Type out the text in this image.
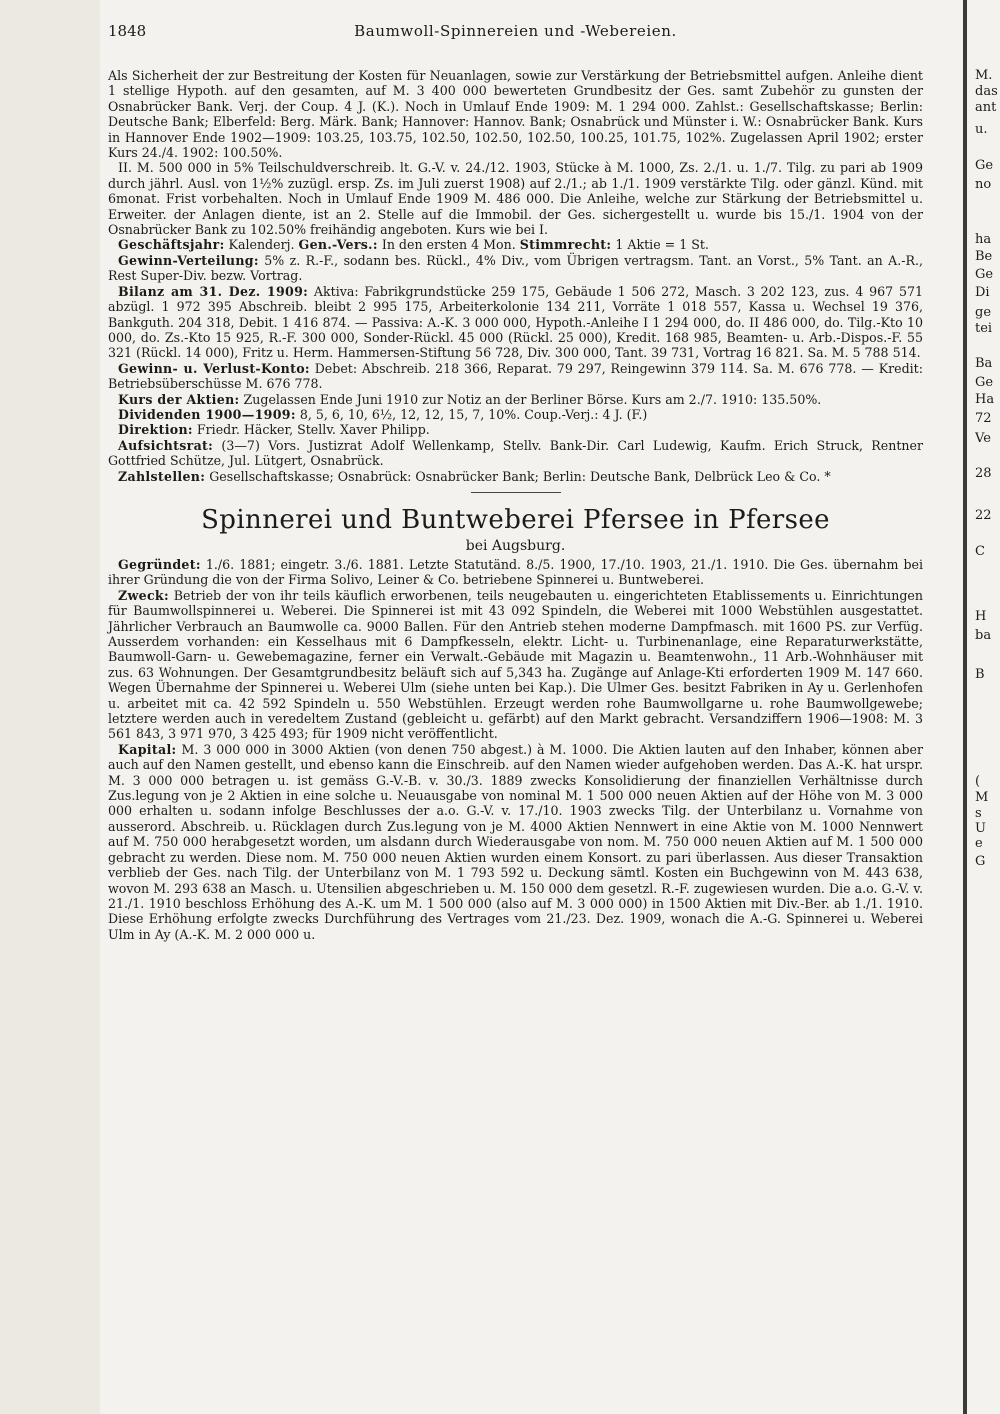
1848	Baumwoll-Spinnereien und -Webereien.

Als Sicherheit der zur Bestreitung der Kosten für Neuanlagen, sowie zur Verstärkung der Betriebsmittel aufgen. Anleihe dient 1 stellige Hypoth. auf den gesamten, auf M. 3 400 000 bewerteten Grundbesitz der Ges. samt Zubehör zu gunsten der Osnabrücker Bank. Verj. der Coup. 4 J. (K.). Noch in Umlauf Ende 1909: M. 1 294 000. Zahlst.: Gesellschaftskasse; Berlin: Deutsche Bank; Elberfeld: Berg. Märk. Bank; Hannover: Hannov. Bank; Osnabrück und Münster i. W.: Osnabrücker Bank. Kurs in Hannover Ende 1902—1909: 103.25, 103.75, 102.50, 102.50, 102.50, 100.25, 101.75, 102%. Zugelassen April 1902; erster Kurs 24./4. 1902: 100.50%.

II. M. 500 000 in 5% Teilschuldverschreib. lt. G.-V. v. 24./12. 1903, Stücke à M. 1000, Zs. 2./1. u. 1./7. Tilg. zu pari ab 1909 durch jährl. Ausl. von 1½% zuzügl. ersp. Zs. im Juli zuerst 1908) auf 2./1.; ab 1./1. 1909 verstärkte Tilg. oder gänzl. Künd. mit 6monat. Frist vorbehalten. Noch in Umlauf Ende 1909 M. 486 000. Die Anleihe, welche zur Stärkung der Betriebsmittel u. Erweiter. der Anlagen diente, ist an 2. Stelle auf die Immobil. der Ges. sichergestellt u. wurde bis 15./1. 1904 von der Osnabrücker Bank zu 102.50% freihändig angeboten. Kurs wie bei I.

Geschäftsjahr: Kalenderj. Gen.-Vers.: In den ersten 4 Mon. Stimmrecht: 1 Aktie = 1 St.

Gewinn-Verteilung: 5% z. R.-F., sodann bes. Rückl., 4% Div., vom Übrigen vertragsm. Tant. an Vorst., 5% Tant. an A.-R., Rest Super-Div. bezw. Vortrag.

Bilanz am 31. Dez. 1909: Aktiva: Fabrikgrundstücke 259 175, Gebäude 1 506 272, Masch. 3 202 123, zus. 4 967 571 abzügl. 1 972 395 Abschreib. bleibt 2 995 175, Arbeiterkolonie 134 211, Vorräte 1 018 557, Kassa u. Wechsel 19 376, Bankguth. 204 318, Debit. 1 416 874. — Passiva: A.-K. 3 000 000, Hypoth.-Anleihe I 1 294 000, do. II 486 000, do. Tilg.-Kto 10 000, do. Zs.-Kto 15 925, R.-F. 300 000, Sonder-Rückl. 45 000 (Rückl. 25 000), Kredit. 168 985, Beamten- u. Arb.-Dispos.-F. 55 321 (Rückl. 14 000), Fritz u. Herm. Hammersen-Stiftung 56 728, Div. 300 000, Tant. 39 731, Vortrag 16 821. Sa. M. 5 788 514.

Gewinn- u. Verlust-Konto: Debet: Abschreib. 218 366, Reparat. 79 297, Reingewinn 379 114. Sa. M. 676 778. — Kredit: Betriebsüberschüsse M. 676 778.

Kurs der Aktien: Zugelassen Ende Juni 1910 zur Notiz an der Berliner Börse. Kurs am 2./7. 1910: 135.50%.

Dividenden 1900—1909: 8, 5, 6, 10, 6½, 12, 12, 15, 7, 10%. Coup.-Verj.: 4 J. (F.)

Direktion: Friedr. Häcker, Stellv. Xaver Philipp.

Aufsichtsrat: (3—7) Vors. Justizrat Adolf Wellenkamp, Stellv. Bank-Dir. Carl Ludewig, Kaufm. Erich Struck, Rentner Gottfried Schütze, Jul. Lütgert, Osnabrück.

Zahlstellen: Gesellschaftskasse; Osnabrück: Osnabrücker Bank; Berlin: Deutsche Bank, Delbrück Leo & Co. *

Spinnerei und Buntweberei Pfersee in Pfersee
bei Augsburg.

Gegründet: 1./6. 1881; eingetr. 3./6. 1881. Letzte Statutänd. 8./5. 1900, 17./10. 1903, 21./1. 1910. Die Ges. übernahm bei ihrer Gründung die von der Firma Solivo, Leiner & Co. betriebene Spinnerei u. Buntweberei.

Zweck: Betrieb der von ihr teils käuflich erworbenen, teils neugebauten u. eingerichteten Etablissements u. Einrichtungen für Baumwollspinnerei u. Weberei. Die Spinnerei ist mit 43 092 Spindeln, die Weberei mit 1000 Webstühlen ausgestattet. Jährlicher Verbrauch an Baumwolle ca. 9000 Ballen. Für den Antrieb stehen moderne Dampfmasch. mit 1600 PS. zur Verfüg. Ausserdem vorhanden: ein Kesselhaus mit 6 Dampfkesseln, elektr. Licht- u. Turbinenanlage, eine Reparaturwerkstätte, Baumwoll-Garn- u. Gewebemagazine, ferner ein Verwalt.-Gebäude mit Magazin u. Beamtenwohn., 11 Arb.-Wohnhäuser mit zus. 63 Wohnungen. Der Gesamtgrundbesitz beläuft sich auf 5,343 ha. Zugänge auf Anlage-Kti erforderten 1909 M. 147 660. Wegen Übernahme der Spinnerei u. Weberei Ulm (siehe unten bei Kap.). Die Ulmer Ges. besitzt Fabriken in Ay u. Gerlenhofen u. arbeitet mit ca. 42 592 Spindeln u. 550 Webstühlen. Erzeugt werden rohe Baumwollgarne u. rohe Baumwollgewebe; letztere werden auch in veredeltem Zustand (gebleicht u. gefärbt) auf den Markt gebracht. Versandziffern 1906—1908: M. 3 561 843, 3 971 970, 3 425 493; für 1909 nicht veröffentlicht.

Kapital: M. 3 000 000 in 3000 Aktien (von denen 750 abgest.) à M. 1000. Die Aktien lauten auf den Inhaber, können aber auch auf den Namen gestellt, und ebenso kann die Einschreib. auf den Namen wieder aufgehoben werden. Das A.-K. hat urspr. M. 3 000 000 betragen u. ist gemäss G.-V.-B. v. 30./3. 1889 zwecks Konsolidierung der finanziellen Verhältnisse durch Zus.legung von je 2 Aktien in eine solche u. Neuausgabe von nominal M. 1 500 000 neuen Aktien auf der Höhe von M. 3 000 000 erhalten u. sodann infolge Beschlusses der a.o. G.-V. v. 17./10. 1903 zwecks Tilg. der Unterbilanz u. Vornahme von ausserord. Abschreib. u. Rücklagen durch Zus.legung von je M. 4000 Aktien Nennwert in eine Aktie von M. 1000 Nennwert auf M. 750 000 herabgesetzt worden, um alsdann durch Wiederausgabe von nom. M. 750 000 neuen Aktien auf M. 1 500 000 gebracht zu werden. Diese nom. M. 750 000 neuen Aktien wurden einem Konsort. zu pari überlassen. Aus dieser Transaktion verblieb der Ges. nach Tilg. der Unterbilanz von M. 1 793 592 u. Deckung sämtl. Kosten ein Buchgewinn von M. 443 638, wovon M. 293 638 an Masch. u. Utensilien abgeschrieben u. M. 150 000 dem gesetzl. R.-F. zugewiesen wurden. Die a.o. G.-V. v. 21./1. 1910 beschloss Erhöhung des A.-K. um M. 1 500 000 (also auf M. 3 000 000) in 1500 Aktien mit Div.-Ber. ab 1./1. 1910. Diese Erhöhung erfolgte zwecks Durchführung des Vertrages vom 21./23. Dez. 1909, wonach die A.-G. Spinnerei u. Weberei Ulm in Ay (A.-K. M. 2 000 000 u.

M.
das
ant
u.
Ge
no
ha
Be
Ge
Di
ge
tei
Ba
Ge
Ha
72
Ve
28
22
C
H
ba
B
(
M
s
Ü
e
G
